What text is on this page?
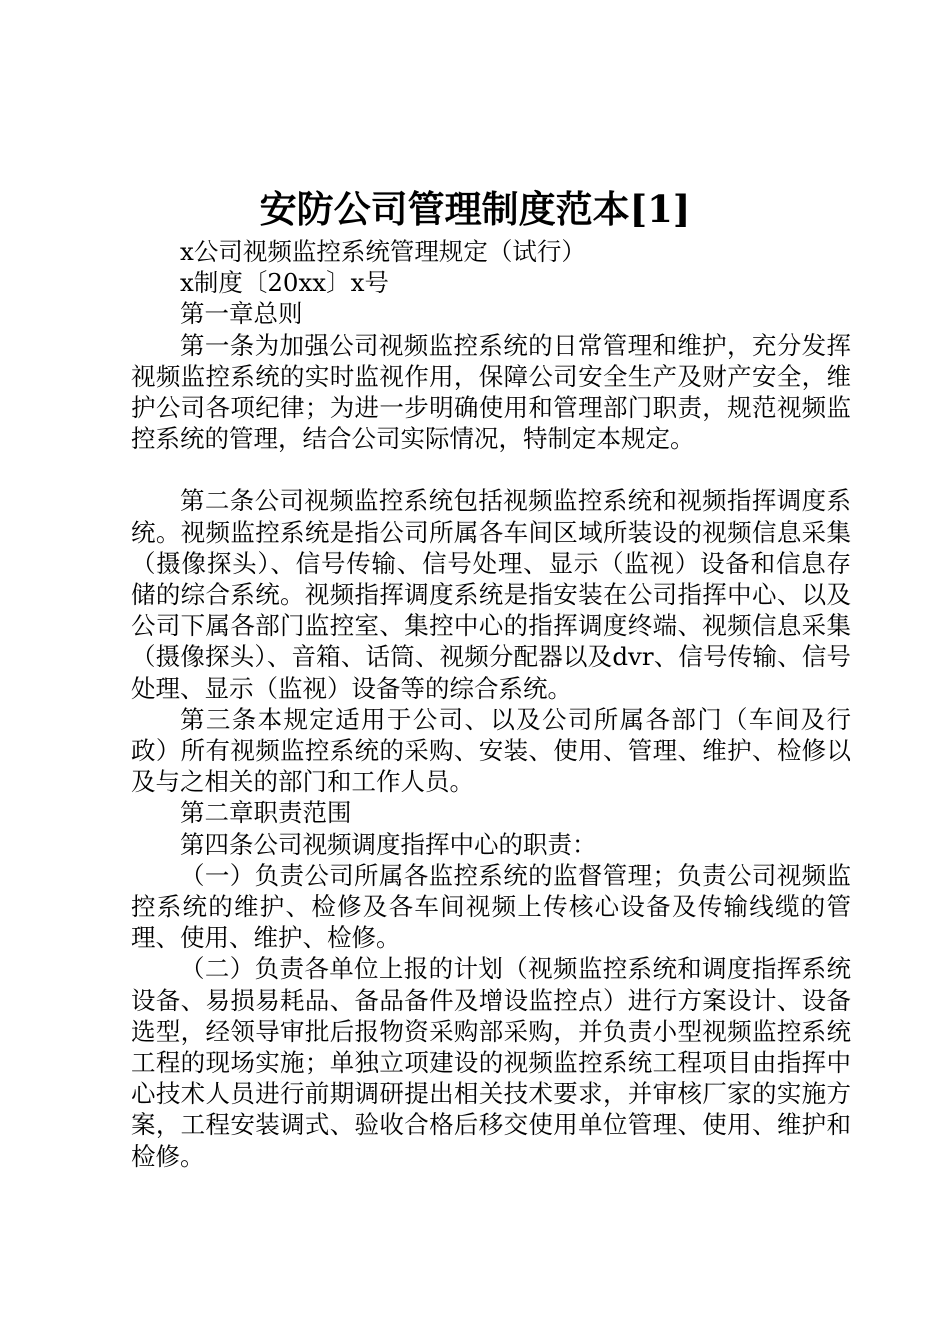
安防公司管理制度范本[1]

x公司视频监控系统管理规定（试行）

x制度〔20xx〕x号

第一章总则

第一条为加强公司视频监控系统的日常管理和维护，充分发挥视频监控系统的实时监视作用，保障公司安全生产及财产安全，维护公司各项纪律；为进一步明确使用和管理部门职责，规范视频监控系统的管理，结合公司实际情况，特制定本规定。

第二条公司视频监控系统包括视频监控系统和视频指挥调度系统。视频监控系统是指公司所属各车间区域所装设的视频信息采集（摄像探头）、信号传输、信号处理、显示（监视）设备和信息存储的综合系统。视频指挥调度系统是指安装在公司指挥中心、以及公司下属各部门监控室、集控中心的指挥调度终端、视频信息采集（摄像探头）、音箱、话筒、视频分配器以及dvr、信号传输、信号处理、显示（监视）设备等的综合系统。

第三条本规定适用于公司、以及公司所属各部门（车间及行政）所有视频监控系统的采购、安装、使用、管理、维护、检修以及与之相关的部门和工作人员。

第二章职责范围

第四条公司视频调度指挥中心的职责：

（一）负责公司所属各监控系统的监督管理；负责公司视频监控系统的维护、检修及各车间视频上传核心设备及传输线缆的管理、使用、维护、检修。

（二）负责各单位上报的计划（视频监控系统和调度指挥系统设备、易损易耗品、备品备件及增设监控点）进行方案设计、设备选型，经领导审批后报物资采购部采购，并负责小型视频监控系统工程的现场实施；单独立项建设的视频监控系统工程项目由指挥中心技术人员进行前期调研提出相关技术要求，并审核厂家的实施方案，工程安装调式、验收合格后移交使用单位管理、使用、维护和检修。
